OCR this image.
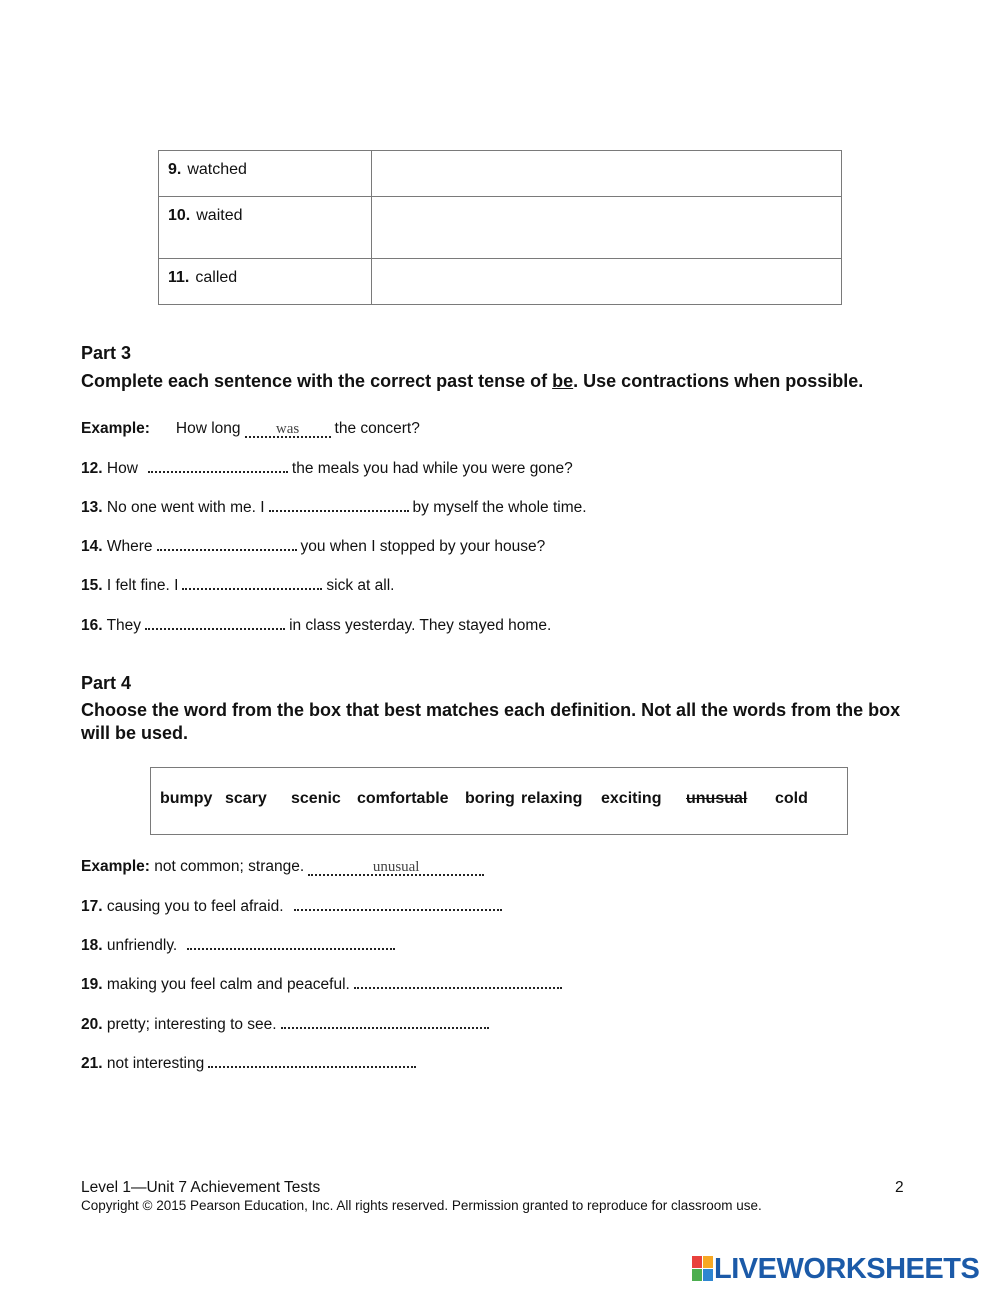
9. watched	
10. waited	
11. called	
Part 3
Complete each sentence with the correct past tense of be. Use contractions when possible.
Example: How long was the concert?
12. How	the meals you had while you were gone?
13. No one went with me. I	by myself the whole time.
14. Where	you when I stopped by your house?
15. I felt fine. I	sick at all.
16. They	in class yesterday. They stayed home.
Part 4
Choose the word from the box that best matches each definition. Not all the words from the box will be used.
bumpy scary scenic comfortable boring relaxing exciting unusual cold
Example: not common; strange.	unusual
17. causing you to feel afraid.
18. unfriendly.
19. making you feel calm and peaceful.
20. pretty; interesting to see.
21. not interesting
Level 1—Unit 7 Achievement Tests	2
Copyright © 2015 Pearson Education, Inc. All rights reserved. Permission granted to reproduce for classroom use.
LIVEWORKSHEETS
